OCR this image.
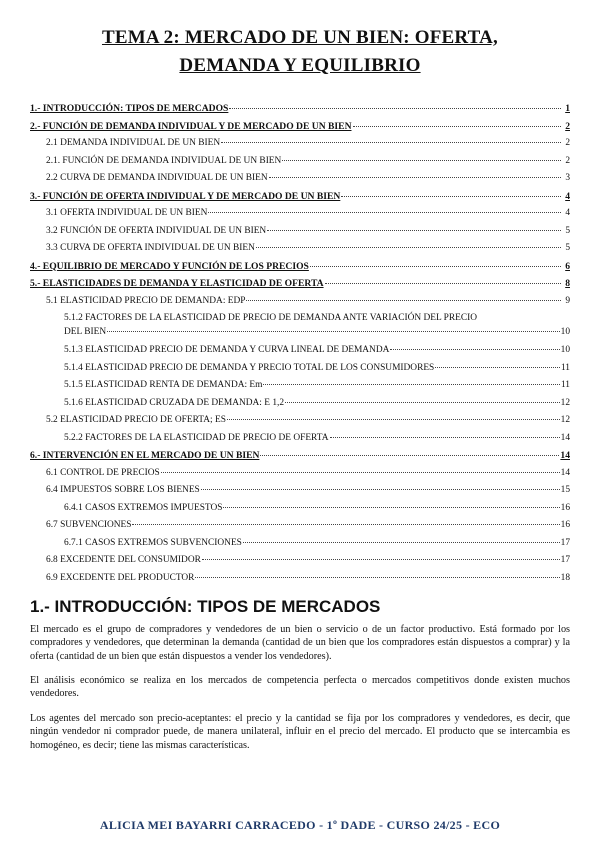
TEMA 2: MERCADO DE UN BIEN: OFERTA,
DEMANDA Y EQUILIBRIO
1.- INTRODUCCIÓN: TIPOS DE MERCADOS	1
2.- FUNCIÓN DE DEMANDA INDIVIDUAL Y DE MERCADO DE UN BIEN	2
2.1 DEMANDA INDIVIDUAL DE UN BIEN	2
2.1. FUNCIÓN DE DEMANDA INDIVIDUAL DE UN BIEN	2
2.2 CURVA DE DEMANDA INDIVIDUAL DE UN BIEN	3
3.- FUNCIÓN DE OFERTA INDIVIDUAL Y DE MERCADO DE UN BIEN	4
3.1 OFERTA INDIVIDUAL DE UN BIEN	4
3.2 FUNCIÓN DE OFERTA INDIVIDUAL DE UN BIEN	5
3.3 CURVA DE OFERTA INDIVIDUAL DE UN BIEN	5
4.- EQUILIBRIO DE MERCADO Y FUNCIÓN DE LOS PRECIOS	6
5.- ELASTICIDADES DE DEMANDA Y ELASTICIDAD DE OFERTA	8
5.1 ELASTICIDAD PRECIO DE DEMANDA: EDP	9
5.1.2 FACTORES DE LA ELASTICIDAD DE PRECIO DE DEMANDA ANTE VARIACIÓN DEL PRECIO
DEL BIEN	10
5.1.3 ELASTICIDAD PRECIO DE DEMANDA Y CURVA LINEAL DE DEMANDA	10
5.1.4 ELASTICIDAD PRECIO DE DEMANDA Y PRECIO TOTAL DE LOS CONSUMIDORES	11
5.1.5 ELASTICIDAD RENTA DE DEMANDA: Em	11
5.1.6 ELASTICIDAD CRUZADA DE DEMANDA: E 1,2	12
5.2 ELASTICIDAD PRECIO DE OFERTA; ES	12
5.2.2 FACTORES DE LA ELASTICIDAD DE PRECIO DE OFERTA	14
6.- INTERVENCIÓN EN EL MERCADO DE UN BIEN	14
6.1 CONTROL DE PRECIOS	14
6.4 IMPUESTOS SOBRE LOS BIENES	15
6.4.1 CASOS EXTREMOS IMPUESTOS	16
6.7 SUBVENCIONES	16
6.7.1 CASOS EXTREMOS SUBVENCIONES	17
6.8 EXCEDENTE DEL CONSUMIDOR	17
6.9 EXCEDENTE DEL PRODUCTOR	18
1.- INTRODUCCIÓN: TIPOS DE MERCADOS

El mercado es el grupo de compradores y vendedores de un bien o servicio o de un factor productivo. Está formado por los compradores y vendedores, que determinan la demanda (cantidad de un bien que los compradores están dispuestos a comprar) y la oferta (cantidad de un bien que están dispuestos a vender los vendedores).

El análisis económico se realiza en los mercados de competencia perfecta o mercados competitivos donde existen muchos vendedores.

Los agentes del mercado son precio-aceptantes: el precio y la cantidad se fija por los compradores y vendedores, es decir, que ningún vendedor ni comprador puede, de manera unilateral, influir en el precio del mercado. El producto que se intercambia es homogéneo, es decir; tiene las mismas características.

ALICIA MEI BAYARRI CARRACEDO - 1º DADE - CURSO 24/25 - ECO
